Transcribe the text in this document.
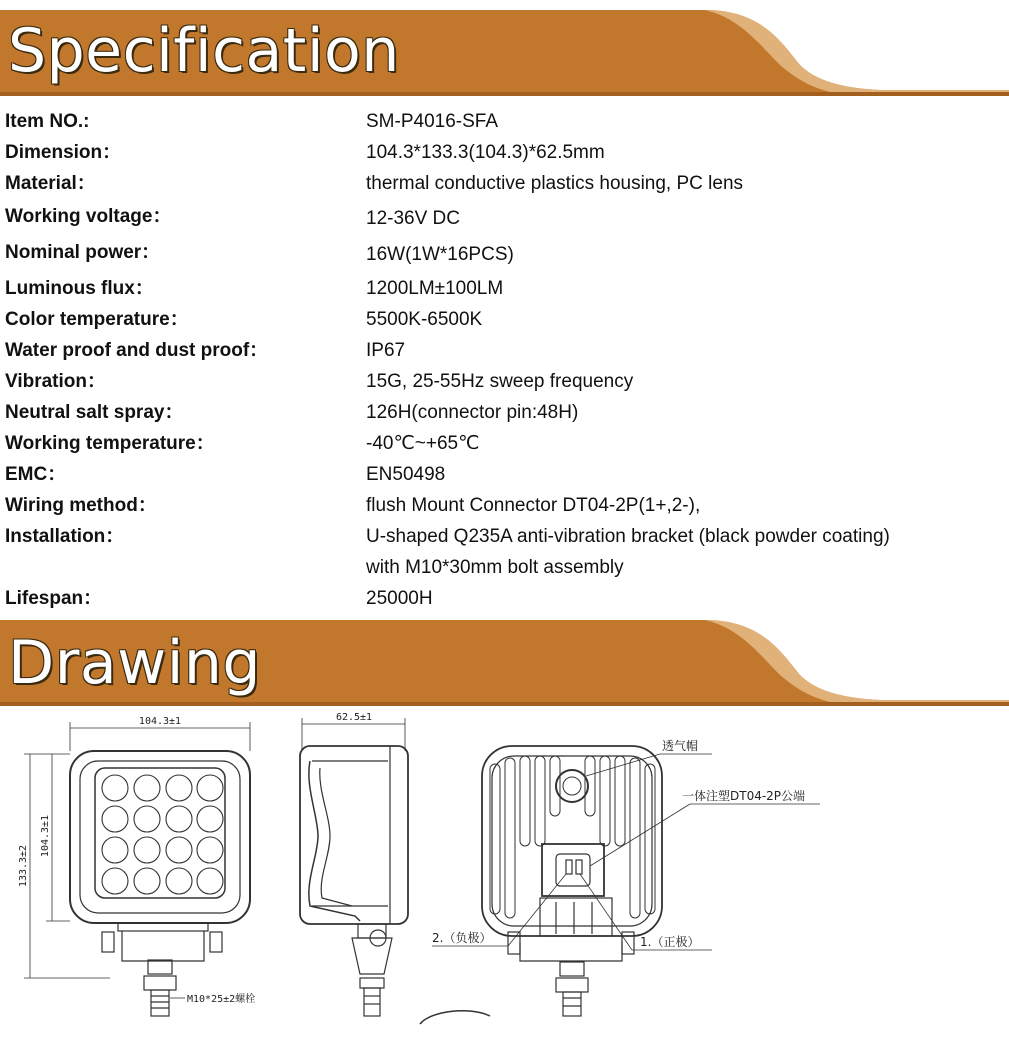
Specification
Item NO.:	SM-P4016-SFA
Dimension：	104.3*133.3(104.3)*62.5mm
Material：	thermal conductive plastics housing, PC lens
Working voltage：	12-36V DC
Nominal power：	16W(1W*16PCS)
Luminous flux：	1200LM±100LM
Color temperature：	5500K-6500K
Water proof and dust proof：	IP67
Vibration：	15G, 25-55Hz sweep frequency
Neutral salt spray：	126H(connector pin:48H)
Working temperature：	-40℃~+65℃
EMC：	EN50498
Wiring method：	flush Mount Connector DT04-2P(1+,2-),
Installation：	U-shaped Q235A anti-vibration bracket (black powder coating)
with M10*30mm bolt assembly
Lifespan：	25000H
Drawing
104.3±1
133.3±2
104.3±1
M10*25±2螺栓
62.5±1
透气帽
一体注塑DT04-2P公端
2.（负极）	1.（正极）
